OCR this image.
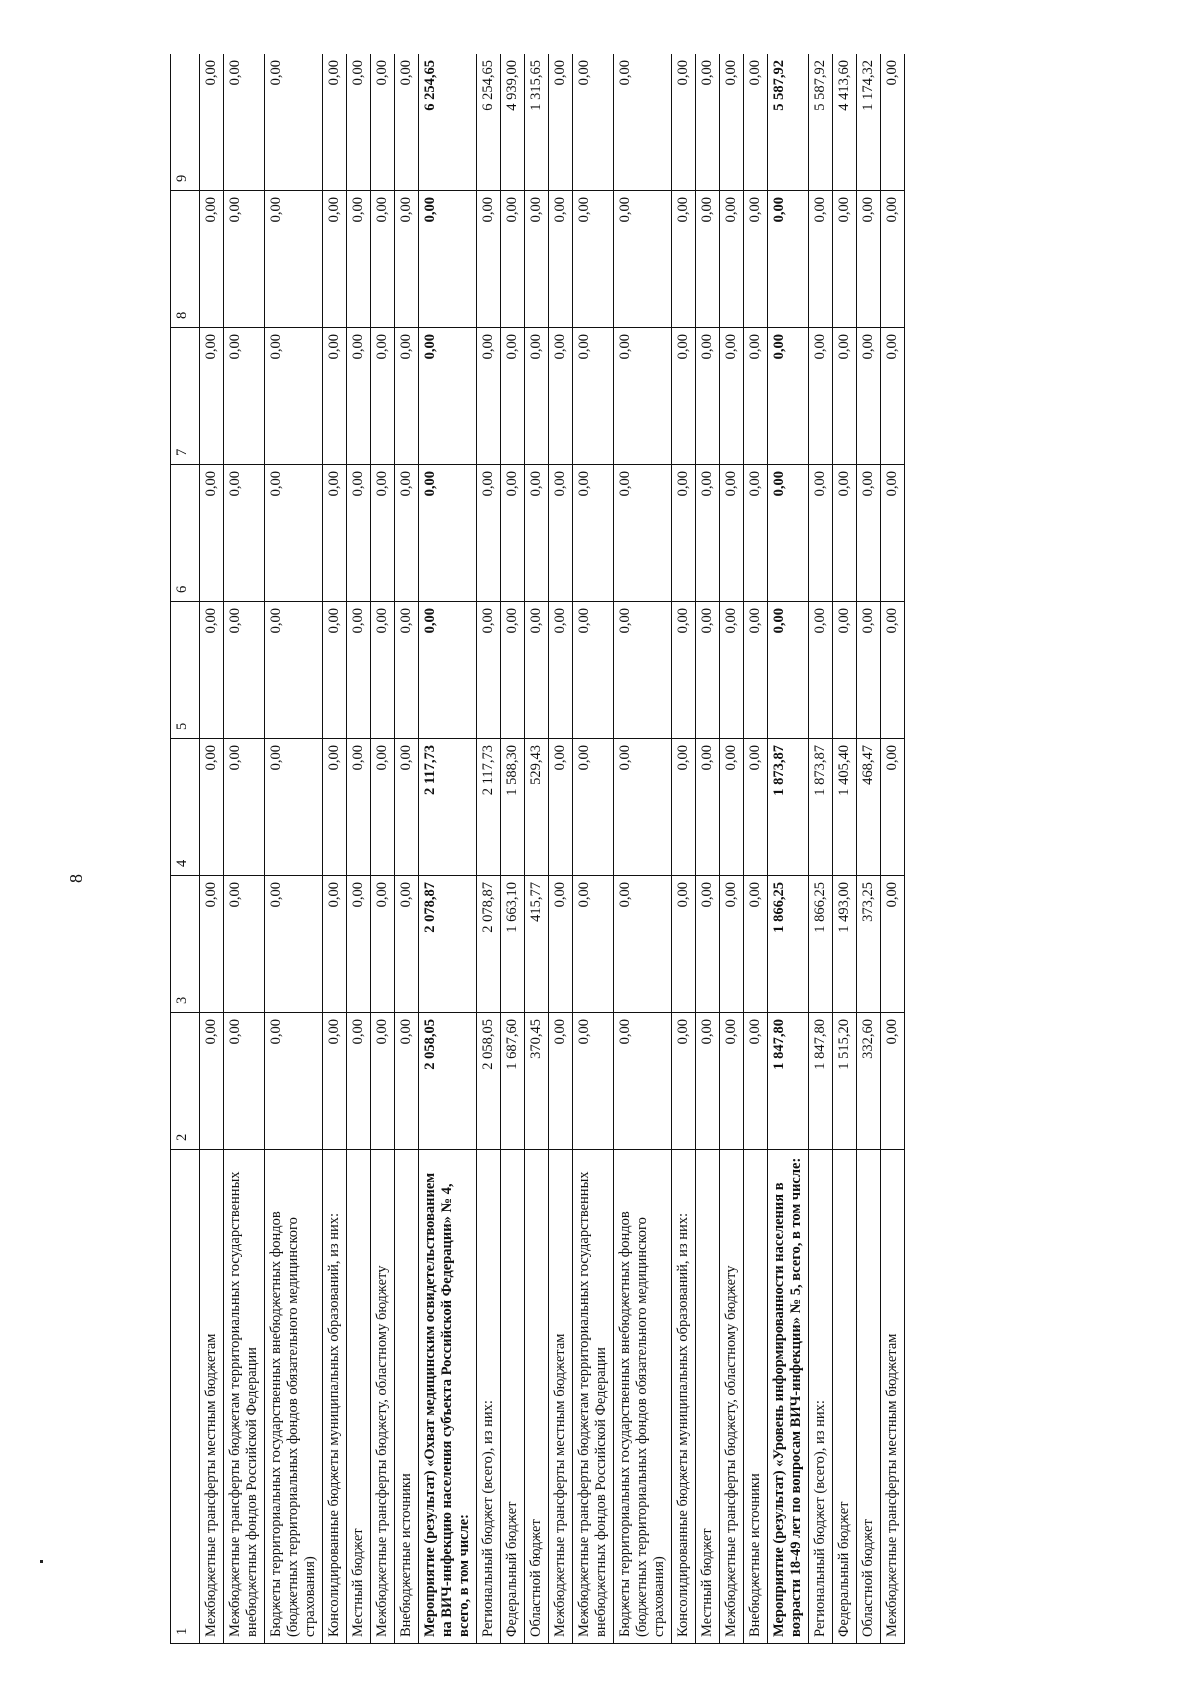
8
1	2	3	4	5	6	7	8	9
Межбюджетные трансферты местным бюджетам	0,00	0,00	0,00	0,00	0,00	0,00	0,00	0,00
Межбюджетные трансферты бюджетам территориальных государственных внебюджетных фондов Российской Федерации	0,00	0,00	0,00	0,00	0,00	0,00	0,00	0,00
Бюджеты территориальных государственных внебюджетных фондов (бюджетных территориальных фондов обязательного медицинского страхования)	0,00	0,00	0,00	0,00	0,00	0,00	0,00	0,00
Консолидированные бюджеты муниципальных образований, из них:	0,00	0,00	0,00	0,00	0,00	0,00	0,00	0,00
Местный бюджет	0,00	0,00	0,00	0,00	0,00	0,00	0,00	0,00
Межбюджетные трансферты бюджету, областному бюджету	0,00	0,00	0,00	0,00	0,00	0,00	0,00	0,00
Внебюджетные источники	0,00	0,00	0,00	0,00	0,00	0,00	0,00	0,00
Мероприятие (результат) «Охват медицинским освидетельствованием на ВИЧ-инфекцию населения субъекта Российской Федерации» № 4, всего, в том числе:	2 058,05	2 078,87	2 117,73	0,00	0,00	0,00	0,00	6 254,65
Региональный бюджет (всего), из них:	2 058,05	2 078,87	2 117,73	0,00	0,00	0,00	0,00	6 254,65
Федеральный бюджет	1 687,60	1 663,10	1 588,30	0,00	0,00	0,00	0,00	4 939,00
Областной бюджет	370,45	415,77	529,43	0,00	0,00	0,00	0,00	1 315,65
Межбюджетные трансферты местным бюджетам	0,00	0,00	0,00	0,00	0,00	0,00	0,00	0,00
Межбюджетные трансферты бюджетам территориальных государственных внебюджетных фондов Российской Федерации	0,00	0,00	0,00	0,00	0,00	0,00	0,00	0,00
Бюджеты территориальных государственных внебюджетных фондов (бюджетных территориальных фондов обязательного медицинского страхования)	0,00	0,00	0,00	0,00	0,00	0,00	0,00	0,00
Консолидированные бюджеты муниципальных образований, из них:	0,00	0,00	0,00	0,00	0,00	0,00	0,00	0,00
Местный бюджет	0,00	0,00	0,00	0,00	0,00	0,00	0,00	0,00
Межбюджетные трансферты бюджету, областному бюджету	0,00	0,00	0,00	0,00	0,00	0,00	0,00	0,00
Внебюджетные источники	0,00	0,00	0,00	0,00	0,00	0,00	0,00	0,00
Мероприятие (результат) «Уровень информированности населения в возрасти 18-49 лет по вопросам ВИЧ-инфекции» № 5, всего, в том числе:	1 847,80	1 866,25	1 873,87	0,00	0,00	0,00	0,00	5 587,92
Региональный бюджет (всего), из них:	1 847,80	1 866,25	1 873,87	0,00	0,00	0,00	0,00	5 587,92
Федеральный бюджет	1 515,20	1 493,00	1 405,40	0,00	0,00	0,00	0,00	4 413,60
Областной бюджет	332,60	373,25	468,47	0,00	0,00	0,00	0,00	1 174,32
Межбюджетные трансферты местным бюджетам	0,00	0,00	0,00	0,00	0,00	0,00	0,00	0,00
